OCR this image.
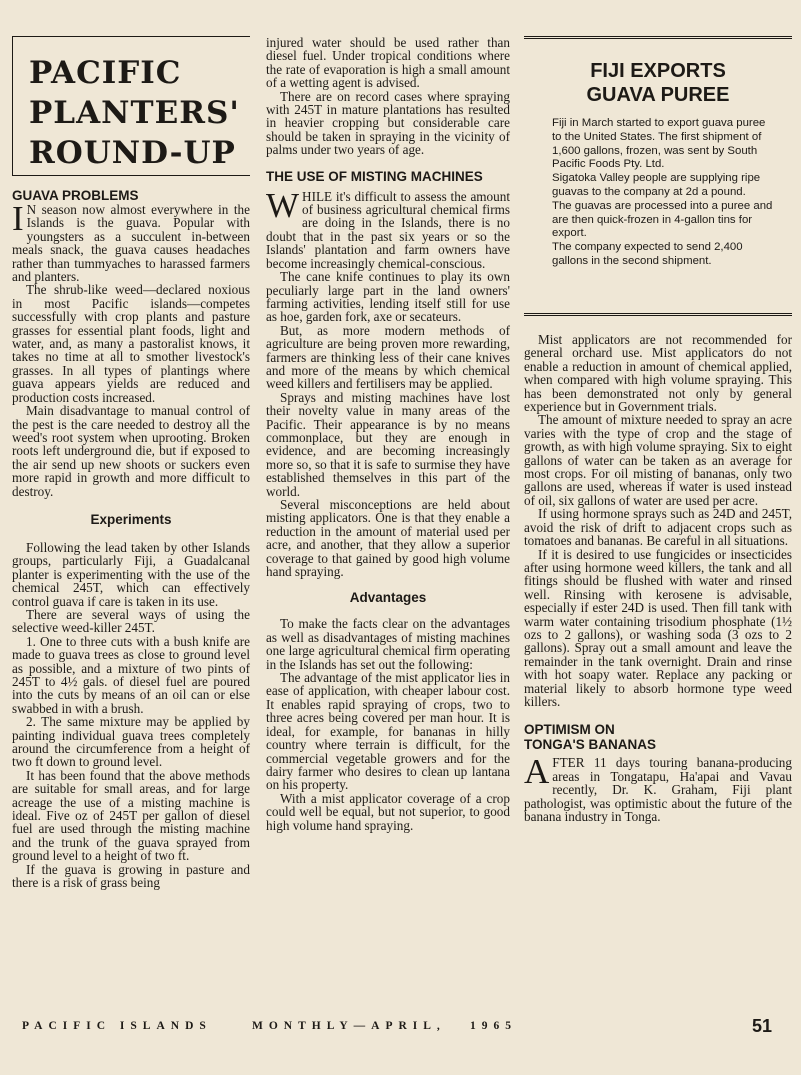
PACIFIC
PLANTERS'
ROUND-UP
GUAVA PROBLEMS

I N season now almost everywhere in the Islands is the guava. Popular with youngsters as a succulent in-between meals snack, the guava causes headaches rather than tummyaches to harassed farmers and planters.

The shrub-like weed—declared noxious in most Pacific islands—competes successfully with crop plants and pasture grasses for essential plant foods, light and water, and, as many a pastoralist knows, it takes no time at all to smother livestock's grasses. In all types of plantings where guava appears yields are reduced and production costs increased.

Main disadvantage to manual control of the pest is the care needed to destroy all the weed's root system when uprooting. Broken roots left underground die, but if exposed to the air send up new shoots or suckers even more rapid in growth and more difficult to destroy.

Experiments

Following the lead taken by other Islands groups, particularly Fiji, a Guadalcanal planter is experimenting with the use of the chemical 245T, which can effectively control guava if care is taken in its use.

There are several ways of using the selective weed-killer 245T.

1. One to three cuts with a bush knife are made to guava trees as close to ground level as possible, and a mixture of two pints of 245T to 4½ gals. of diesel fuel are poured into the cuts by means of an oil can or else swabbed in with a brush.

2. The same mixture may be applied by painting individual guava trees completely around the circumference from a height of two ft down to ground level.

It has been found that the above methods are suitable for small areas, and for large acreage the use of a misting machine is ideal. Five oz of 245T per gallon of diesel fuel are used through the misting machine and the trunk of the guava sprayed from ground level to a height of two ft.

If the guava is growing in pasture and there is a risk of grass being

injured water should be used rather than diesel fuel. Under tropical conditions where the rate of evaporation is high a small amount of a wetting agent is advised.

There are on record cases where spraying with 245T in mature plantations has resulted in heavier cropping but considerable care should be taken in spraying in the vicinity of palms under two years of age.

THE USE OF MISTING MACHINES

WHILE it's difficult to assess the amount of business agricultural chemical firms are doing in the Islands, there is no doubt that in the past six years or so the Islands' plantation and farm owners have become increasingly chemical-conscious.

The cane knife continues to play its own peculiarly large part in the land owners' farming activities, lending itself still for use as hoe, garden fork, axe or secateurs.

But, as more modern methods of agriculture are being proven more rewarding, farmers are thinking less of their cane knives and more of the means by which chemical weed killers and fertilisers may be applied.

Sprays and misting machines have lost their novelty value in many areas of the Pacific. Their appearance is by no means commonplace, but they are enough in evidence, and are becoming increasingly more so, so that it is safe to surmise they have established themselves in this part of the world.

Several misconceptions are held about misting applicators. One is that they enable a reduction in the amount of material used per acre, and another, that they allow a superior coverage to that gained by good high volume hand spraying.

Advantages

To make the facts clear on the advantages as well as disadvantages of misting machines one large agricultural chemical firm operating in the Islands has set out the following:

The advantage of the mist applicator lies in ease of application, with cheaper labour cost. It enables rapid spraying of crops, two to three acres being covered per man hour. It is ideal, for example, for bananas in hilly country where terrain is difficult, for the commercial vegetable growers and for the dairy farmer who desires to clean up lantana on his property.

With a mist applicator coverage of a crop could well be equal, but not superior, to good high volume hand spraying.

FIJI EXPORTS
GUAVA PUREE

Fiji in March started to export guava puree to the United States. The first shipment of 1,600 gallons, frozen, was sent by South Pacific Foods Pty. Ltd.

Sigatoka Valley people are supplying ripe guavas to the company at 2d a pound.

The guavas are processed into a puree and are then quick-frozen in 4-gallon tins for export.

The company expected to send 2,400 gallons in the second shipment.

Mist applicators are not recommended for general orchard use. Mist applicators do not enable a reduction in amount of chemical applied, when compared with high volume spraying. This has been demonstrated not only by general experience but in Government trials.

The amount of mixture needed to spray an acre varies with the type of crop and the stage of growth, as with high volume spraying. Six to eight gallons of water can be taken as an average for most crops. For oil misting of bananas, only two gallons are used, whereas if water is used instead of oil, six gallons of water are used per acre.

If using hormone sprays such as 24D and 245T, avoid the risk of drift to adjacent crops such as tomatoes and bananas. Be careful in all situations.

If it is desired to use fungicides or insecticides after using hormone weed killers, the tank and all fitings should be flushed with water and rinsed well. Rinsing with kerosene is advisable, especially if ester 24D is used. Then fill tank with warm water containing trisodium phosphate (1½ ozs to 2 gallons), or washing soda (3 ozs to 2 gallons). Spray out a small amount and leave the remainder in the tank overnight. Drain and rinse with hot soapy water. Replace any packing or material likely to absorb hormone type weed killers.

OPTIMISM ON
TONGA'S BANANAS

AFTER 11 days touring banana-producing areas in Tongatapu, Ha'apai and Vavau recently, Dr. K. Graham, Fiji plant pathologist, was optimistic about the future of the banana industry in Tonga.

PACIFIC ISLANDS	MONTHLY—APRIL, 1965	51
